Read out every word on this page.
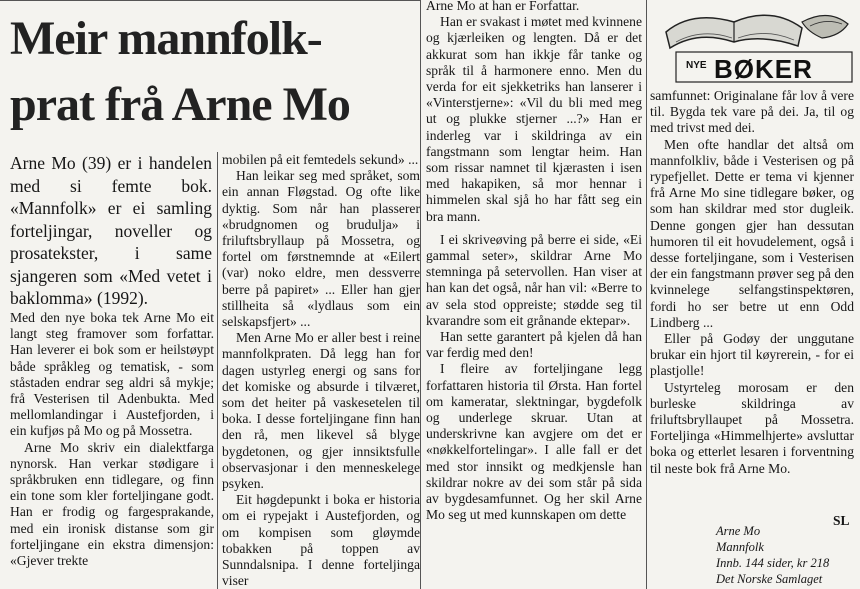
Meir mannfolk-
prat frå Arne Mo
Arne Mo (39) er i handelen med si femte bok. «Mannfolk» er ei samling forteljingar, noveller og prosatekster, i same sjangeren som «Med vetet i baklomma» (1992).

Med den nye boka tek Arne Mo eit langt steg framover som forfattar. Han leverer ei bok som er heilstøypt både språkleg og tematisk, - som ståstaden endrar seg aldri så mykje; frå Vesterisen til Adenbukta. Med mellomlandingar i Austefjorden, i ein kufjøs på Mo og på Mossetra.

Arne Mo skriv ein dialektfarga nynorsk. Han verkar stødigare i språkbruken enn tidlegare, og finn ein tone som kler forteljingane godt. Han er frodig og fargesprakande, med ein ironisk distanse som gir forteljingane ein ekstra dimensjon: «Gjever trekte

mobilen på eit femtedels sekund» ...

Han leikar seg med språket, som ein annan Fløgstad. Og ofte like dyktig. Som når han plasserer «brudgnomen og brudulja» i friluftsbryllaup på Mossetra, og fortel om førstnemnde at «Eilert (var) noko eldre, men dessverre berre på papiret» ... Eller han gjer stillheita så «lydlaus som ein selskapsfjert» ...

Men Arne Mo er aller best i reine mannfolkpraten. Då legg han for dagen ustyrleg energi og sans for det komiske og absurde i tilværet, som det heiter på vaskesetelen til boka. I desse forteljingane finn han den rå, men likevel så blyge bygdetonen, og gjer innsiktsfulle observasjonar i den menneskelege psyken.

Eit høgdepunkt i boka er historia om ei rypejakt i Austefjorden, og om kompisen som gløymde tobakken på toppen av Sunndalsnipa. I denne forteljinga viser

Arne Mo at han er Forfattar.

Han er svakast i møtet med kvinnene og kjærleiken og lengten. Då er det akkurat som han ikkje får tanke og språk til å harmonere enno. Men du verda for eit sjekketriks han lanserer i «Vinterstjerne»: «Vil du bli med meg ut og plukke stjerner ...?» Han er inderleg var i skildringa av ein fangstmann som lengtar heim. Han som rissar namnet til kjærasten i isen med hakapiken, så mor hennar i himmelen skal sjå ho har fått seg ein bra mann.

I ei skriveøving på berre ei side, «Ei gammal seter», skildrar Arne Mo stemninga på setervollen. Han viser at han kan det også, når han vil: «Berre to av sela stod oppreiste; stødde seg til kvarandre som eit grånande ektepar».

Han sette garantert på kjelen då han var ferdig med den!

I fleire av forteljingane legg forfattaren historia til Ørsta. Han fortel om kameratar, slektningar, bygdefolk og underlege skruar. Utan at underskrivne kan avgjere om det er «nøkkelfortelingar». I alle fall er det med stor innsikt og medkjensle han skildrar nokre av dei som står på sida av bygdesamfunnet. Og her skil Arne Mo seg ut med kunnskapen om dette

samfunnet: Originalane får lov å vere til. Bygda tek vare på dei. Ja, til og med trivst med dei.

Men ofte handlar det altså om mannfolkliv, både i Vesterisen og på rypefjellet. Dette er tema vi kjenner frå Arne Mo sine tidlegare bøker, og som han skildrar med stor dugleik. Denne gongen gjer han dessutan humoren til eit hovudelement, også i desse forteljingane, som i Vesterisen der ein fangstmann prøver seg på den kvinnelege selfangstinspektøren, fordi ho ser betre ut enn Odd Lindberg ...

Eller på Godøy der unggutane brukar ein hjort til køyrerein, - for ei plastjolle!

Ustyrteleg morosam er den burleske skildringa av friluftsbryllaupet på Mossetra. Forteljinga «Himmelhjerte» avsluttar boka og etterlet lesaren i forventning til neste bok frå Arne Mo.

NYE BØKER
SL
Arne Mo
Mannfolk
Innb. 144 sider, kr 218
Det Norske Samlaget
